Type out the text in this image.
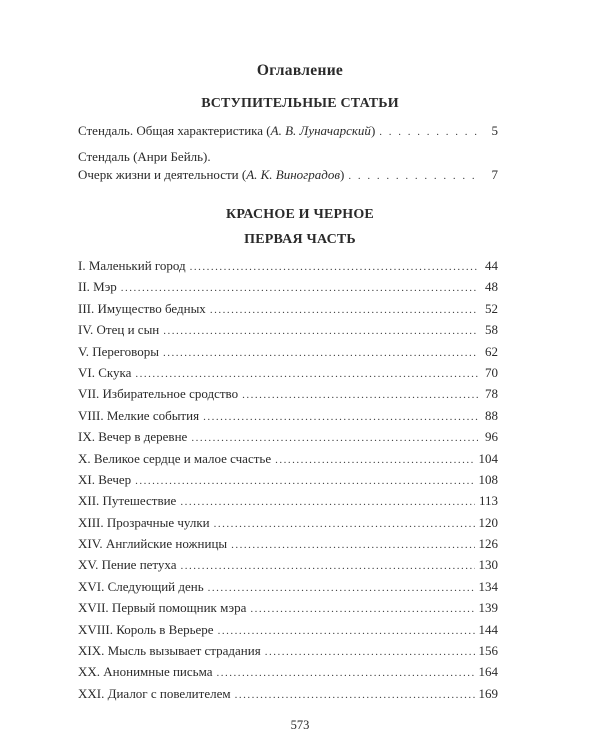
Оглавление
ВСТУПИТЕЛЬНЫЕ СТАТЬИ
Стендаль. Общая характеристика (А. В. Луначарский) . . .	5
Стендаль (Анри Бейль).
Очерк жизни и деятельности (А. К. Виноградов) . . .	7
КРАСНОЕ И ЧЕРНОЕ
ПЕРВАЯ ЧАСТЬ
I. Маленький город .....	44
II. Мэр .....	48
III. Имущество бедных .....	52
IV. Отец и сын .....	58
V. Переговоры .....	62
VI. Скука .....	70
VII. Избирательное сродство .....	78
VIII. Мелкие события .....	88
IX. Вечер в деревне .....	96
X. Великое сердце и малое счастье .....	104
XI. Вечер .....	108
XII. Путешествие .....	113
XIII. Прозрачные чулки .....	120
XIV. Английские ножницы .....	126
XV. Пение петуха .....	130
XVI. Следующий день .....	134
XVII. Первый помощник мэра .....	139
XVIII. Король в Верьере .....	144
XIX. Мысль вызывает страдания .....	156
XX. Анонимные письма .....	164
XXI. Диалог с повелителем .....	169
573
